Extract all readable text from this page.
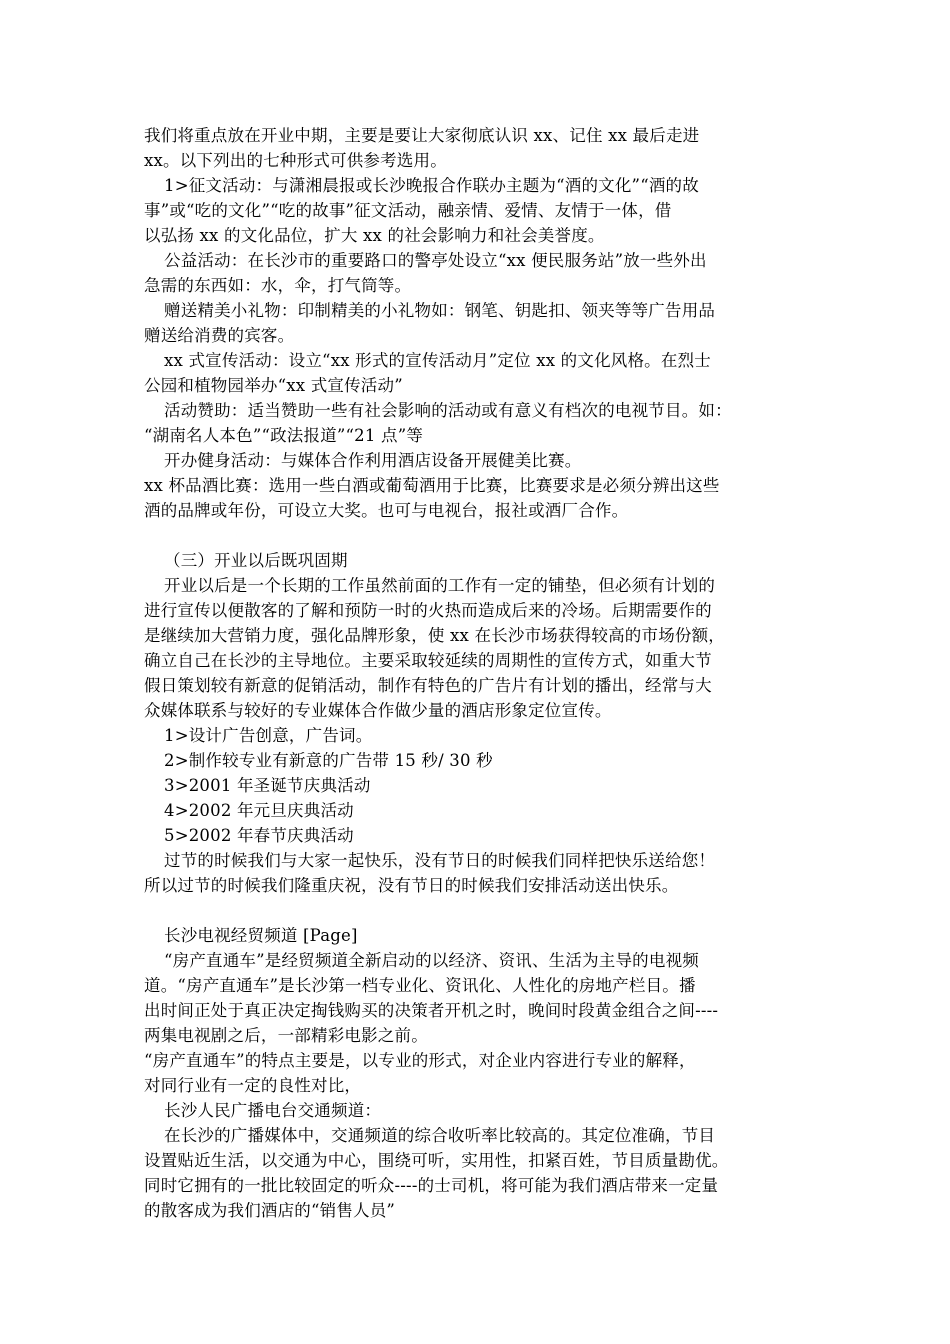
我们将重点放在开业中期，主要是要让大家彻底认识 xx、记住 xx 最后走进
xx。以下列出的七种形式可供参考选用。
1>征文活动：与潇湘晨报或长沙晚报合作联办主题为“酒的文化”“酒的故
事”或“吃的文化”“吃的故事”征文活动，融亲情、爱情、友情于一体，借
以弘扬 xx 的文化品位，扩大 xx 的社会影响力和社会美誉度。
公益活动：在长沙市的重要路口的警亭处设立“xx 便民服务站”放一些外出
急需的东西如：水，伞，打气筒等。
赠送精美小礼物：印制精美的小礼物如：钢笔、钥匙扣、领夹等等广告用品
赠送给消费的宾客。
xx 式宣传活动：设立“xx 形式的宣传活动月”定位 xx 的文化风格。在烈士
公园和植物园举办“xx 式宣传活动”
活动赞助：适当赞助一些有社会影响的活动或有意义有档次的电视节目。如：
“湖南名人本色”“政法报道”“21 点”等
开办健身活动：与媒体合作利用酒店设备开展健美比赛。
xx 杯品酒比赛：选用一些白酒或葡萄酒用于比赛，比赛要求是必须分辨出这些
酒的品牌或年份，可设立大奖。也可与电视台，报社或酒厂合作。
（三）开业以后既巩固期
开业以后是一个长期的工作虽然前面的工作有一定的铺垫，但必须有计划的
进行宣传以便散客的了解和预防一时的火热而造成后来的冷场。后期需要作的
是继续加大营销力度，强化品牌形象，使 xx 在长沙市场获得较高的市场份额，
确立自己在长沙的主导地位。主要采取较延续的周期性的宣传方式，如重大节
假日策划较有新意的促销活动，制作有特色的广告片有计划的播出，经常与大
众媒体联系与较好的专业媒体合作做少量的酒店形象定位宣传。
1>设计广告创意，广告词。
2>制作较专业有新意的广告带 15 秒/ 30 秒
3>2001 年圣诞节庆典活动
4>2002 年元旦庆典活动
5>2002 年春节庆典活动
过节的时候我们与大家一起快乐，没有节日的时候我们同样把快乐送给您！
所以过节的时候我们隆重庆祝，没有节日的时候我们安排活动送出快乐。
长沙电视经贸频道 [Page]
“房产直通车”是经贸频道全新启动的以经济、资讯、生活为主导的电视频
道。“房产直通车”是长沙第一档专业化、资讯化、人性化的房地产栏目。播
出时间正处于真正决定掏钱购买的决策者开机之时，晚间时段黄金组合之间----
两集电视剧之后，一部精彩电影之前。
“房产直通车”的特点主要是，以专业的形式，对企业内容进行专业的解释，
对同行业有一定的良性对比，
长沙人民广播电台交通频道：
在长沙的广播媒体中，交通频道的综合收听率比较高的。其定位准确，节目
设置贴近生活，以交通为中心，围绕可听，实用性，扣紧百姓，节目质量勘优。
同时它拥有的一批比较固定的听众----的士司机，将可能为我们酒店带来一定量
的散客成为我们酒店的“销售人员”
